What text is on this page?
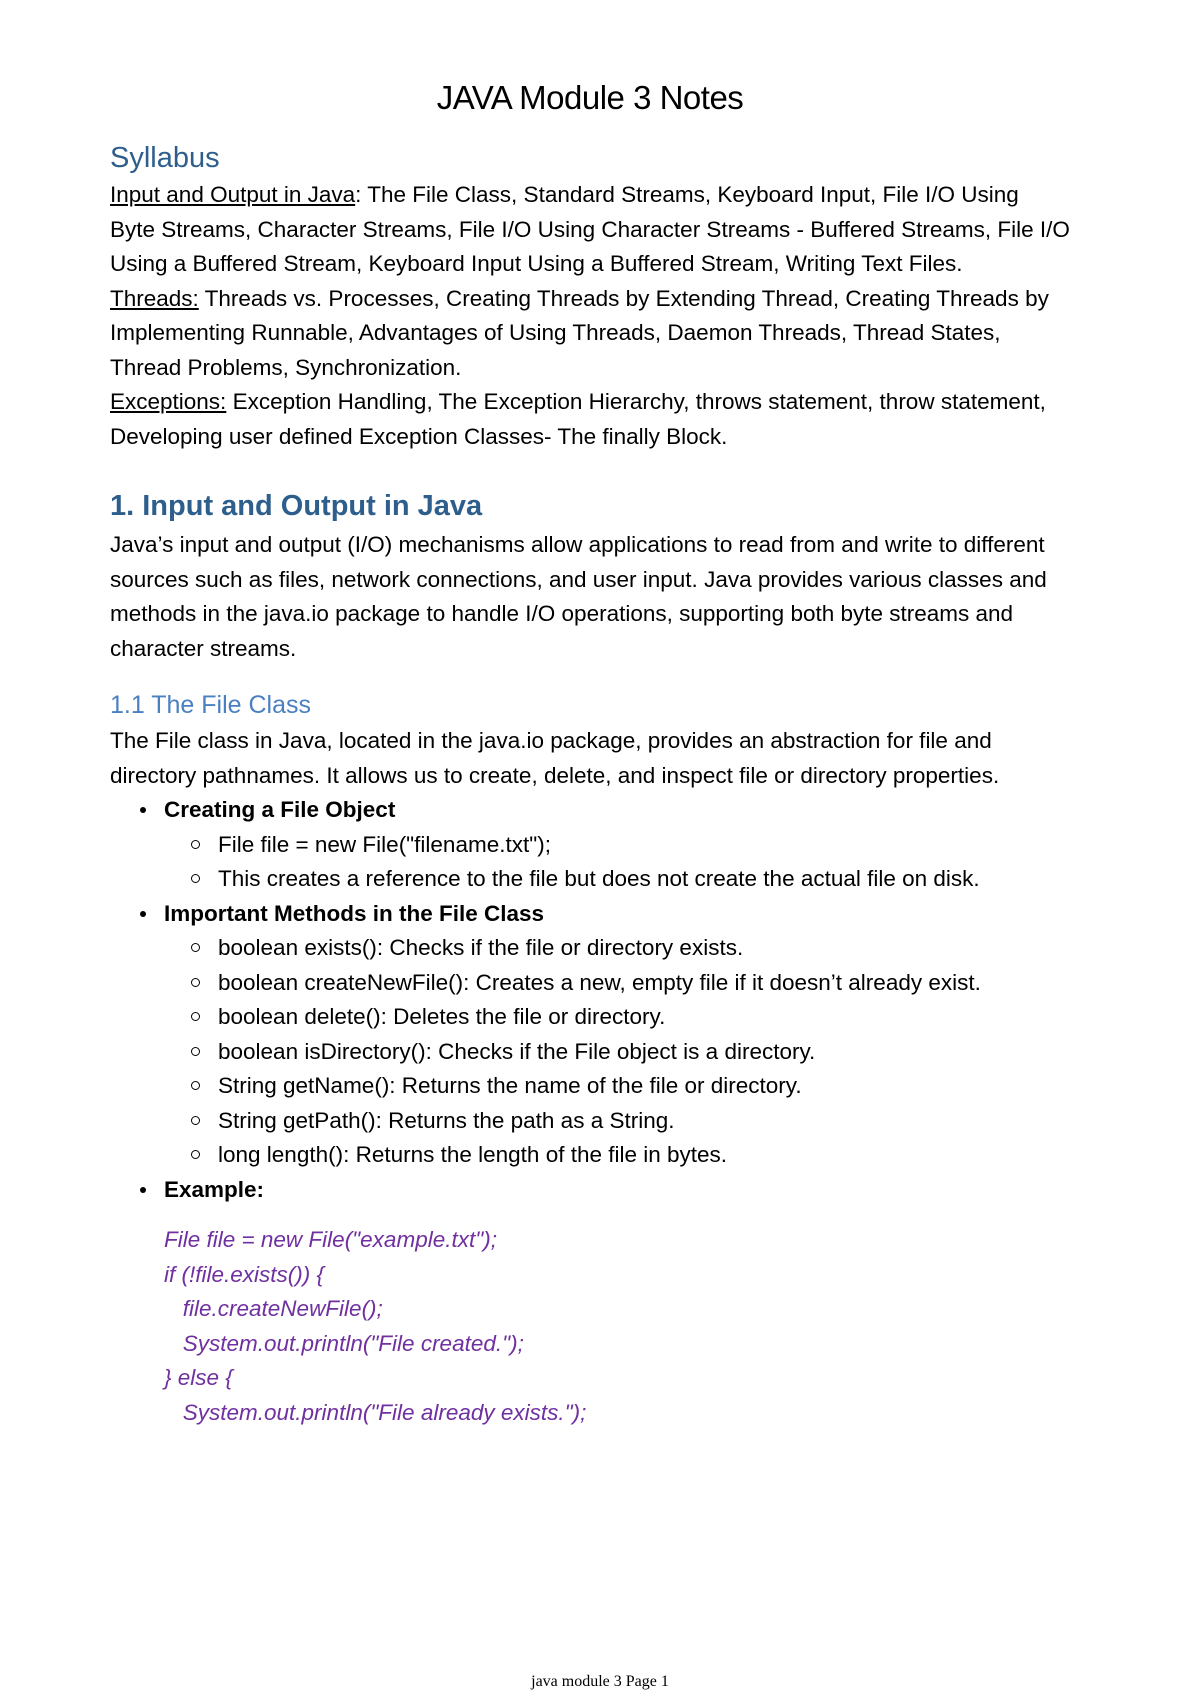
JAVA Module 3 Notes
Syllabus

Input and Output in Java: The File Class, Standard Streams, Keyboard Input, File I/O Using Byte Streams, Character Streams, File I/O Using Character Streams - Buffered Streams, File I/O Using a Buffered Stream, Keyboard Input Using a Buffered Stream, Writing Text Files.

Threads: Threads vs. Processes, Creating Threads by Extending Thread, Creating Threads by Implementing Runnable, Advantages of Using Threads, Daemon Threads, Thread States, Thread Problems, Synchronization.

Exceptions: Exception Handling, The Exception Hierarchy, throws statement, throw statement, Developing user defined Exception Classes- The finally Block.

1. Input and Output in Java

Java’s input and output (I/O) mechanisms allow applications to read from and write to different sources such as files, network connections, and user input. Java provides various classes and methods in the java.io package to handle I/O operations, supporting both byte streams and character streams.

1.1 The File Class

The File class in Java, located in the java.io package, provides an abstraction for file and directory pathnames. It allows us to create, delete, and inspect file or directory properties.

Creating a File Object
File file = new File("filename.txt");
This creates a reference to the file but does not create the actual file on disk.
Important Methods in the File Class
boolean exists(): Checks if the file or directory exists.
boolean createNewFile(): Creates a new, empty file if it doesn’t already exist.
boolean delete(): Deletes the file or directory.
boolean isDirectory(): Checks if the File object is a directory.
String getName(): Returns the name of the file or directory.
String getPath(): Returns the path as a String.
long length(): Returns the length of the file in bytes.
Example:
File file = new File("example.txt");
if (!file.exists()) {
file.createNewFile();
System.out.println("File created.");
} else {
System.out.println("File already exists.");
java module 3 Page 1
